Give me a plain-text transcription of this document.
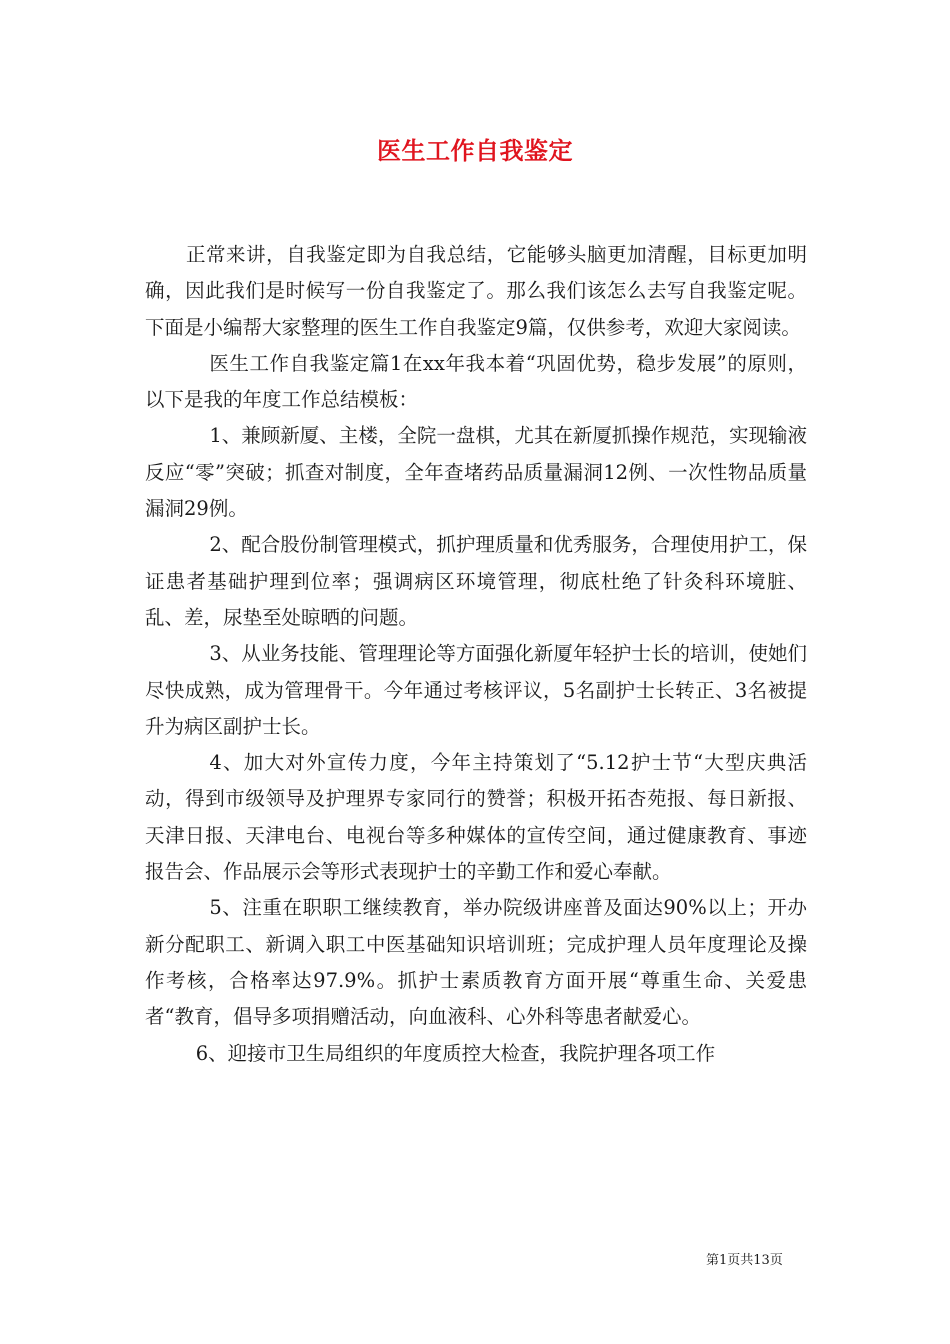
医生工作自我鉴定

正常来讲，自我鉴定即为自我总结，它能够头脑更加清醒，目标更加明确，因此我们是时候写一份自我鉴定了。那么我们该怎么去写自我鉴定呢。下面是小编帮大家整理的医生工作自我鉴定9篇，仅供参考，欢迎大家阅读。

医生工作自我鉴定篇1在xx年我本着“巩固优势，稳步发展”的原则，以下是我的年度工作总结模板：

1、兼顾新厦、主楼，全院一盘棋，尤其在新厦抓操作规范，实现输液反应“零”突破；抓查对制度，全年查堵药品质量漏洞12例、一次性物品质量漏洞29例。

2、配合股份制管理模式，抓护理质量和优秀服务，合理使用护工，保证患者基础护理到位率；强调病区环境管理，彻底杜绝了针灸科环境脏、乱、差，尿垫至处晾晒的问题。

3、从业务技能、管理理论等方面强化新厦年轻护士长的培训，使她们尽快成熟，成为管理骨干。今年通过考核评议，5名副护士长转正、3名被提升为病区副护士长。

4、加大对外宣传力度，今年主持策划了“5.12护士节“大型庆典活动，得到市级领导及护理界专家同行的赞誉；积极开拓杏苑报、每日新报、天津日报、天津电台、电视台等多种媒体的宣传空间，通过健康教育、事迹报告会、作品展示会等形式表现护士的辛勤工作和爱心奉献。

5、注重在职职工继续教育，举办院级讲座普及面达90%以上；开办新分配职工、新调入职工中医基础知识培训班；完成护理人员年度理论及操作考核，合格率达97.9%。抓护士素质教育方面开展“尊重生命、关爱患者“教育，倡导多项捐赠活动，向血液科、心外科等患者献爱心。

6、迎接市卫生局组织的年度质控大检查，我院护理各项工作

第1页共13页
